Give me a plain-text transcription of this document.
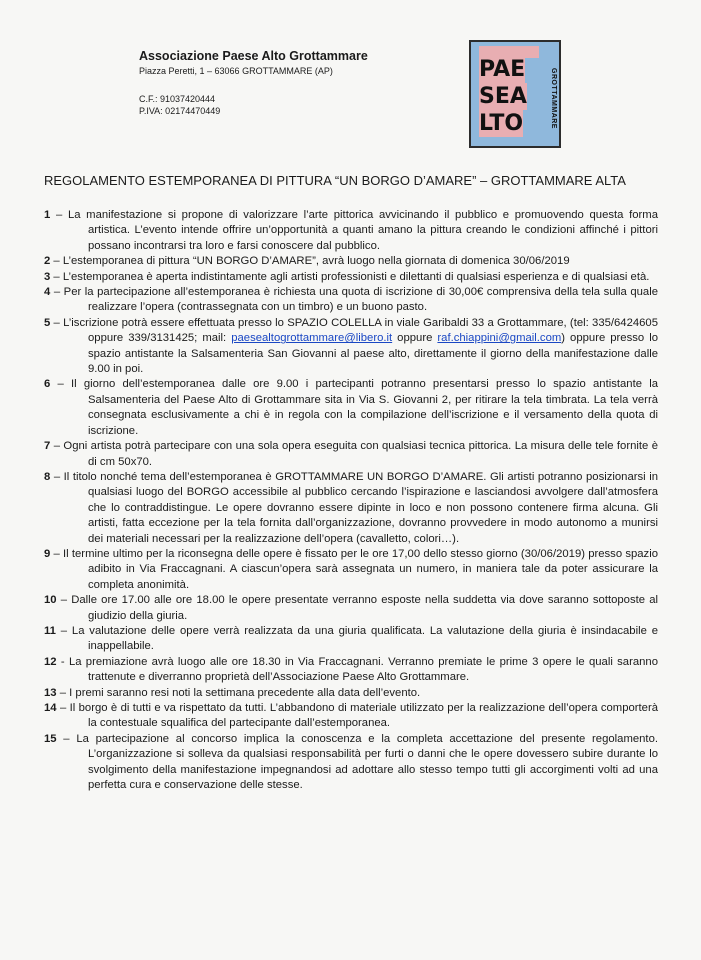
Associazione Paese Alto Grottammare

Piazza Peretti, 1 – 63066 GROTTAMMARE (AP)

C.F.: 91037420444

P.IVA: 02174470449

PAE
SEA
LTO	GROTTAMMARE

REGOLAMENTO ESTEMPORANEA DI PITTURA “UN BORGO D’AMARE” – GROTTAMMARE ALTA

1 – La manifestazione si propone di valorizzare l’arte pittorica avvicinando il pubblico e promuovendo questa forma artistica. L’evento intende offrire un’opportunità a quanti amano la pittura creando le condizioni affinché i pittori possano incontrarsi tra loro e farsi conoscere dal pubblico.

2 – L’estemporanea di pittura “UN BORGO D’AMARE”, avrà luogo nella giornata di domenica 30/06/2019

3 – L’estemporanea è aperta indistintamente agli artisti professionisti e dilettanti di qualsiasi esperienza e di qualsiasi età.

4 – Per la partecipazione all’estemporanea è richiesta una quota di iscrizione di 30,00€ comprensiva della tela sulla quale realizzare l’opera (contrassegnata con un timbro) e un buono pasto.

5 – L’iscrizione potrà essere effettuata presso lo SPAZIO COLELLA in viale Garibaldi 33 a Grottammare, (tel: 335/6424605 oppure 339/3131425; mail: paesealtogrottammare@libero.it oppure raf.chiappini@gmail.com) oppure presso lo spazio antistante la Salsamenteria San Giovanni al paese alto, direttamente il giorno della manifestazione dalle 9.00 in poi.

6 – Il giorno dell’estemporanea dalle ore 9.00 i partecipanti potranno presentarsi presso lo spazio antistante la Salsamenteria del Paese Alto di Grottammare sita in Via S. Giovanni 2, per ritirare la tela timbrata. La tela verrà consegnata esclusivamente a chi è in regola con la compilazione dell’iscrizione e il versamento della quota di iscrizione.

7 – Ogni artista potrà partecipare con una sola opera eseguita con qualsiasi tecnica pittorica. La misura delle tele fornite è di cm 50x70.

8 – Il titolo nonché tema dell’estemporanea è GROTTAMMARE UN BORGO D’AMARE. Gli artisti potranno posizionarsi in qualsiasi luogo del BORGO accessibile al pubblico cercando l’ispirazione e lasciandosi avvolgere dall’atmosfera che lo contraddistingue. Le opere dovranno essere dipinte in loco e non possono contenere firma alcuna. Gli artisti, fatta eccezione per la tela fornita dall’organizzazione, dovranno provvedere in modo autonomo a munirsi dei materiali necessari per la realizzazione dell’opera (cavalletto, colori…).

9 – Il termine ultimo per la riconsegna delle opere è fissato per le ore 17,00 dello stesso giorno (30/06/2019) presso spazio adibito in Via Fraccagnani. A ciascun’opera sarà assegnata un numero, in maniera tale da poter assicurare la completa anonimità.

10 – Dalle ore 17.00 alle ore 18.00 le opere presentate verranno esposte nella suddetta via dove saranno sottoposte al giudizio della giuria.

11 – La valutazione delle opere verrà realizzata da una giuria qualificata. La valutazione della giuria è insindacabile e inappellabile.

12 - La premiazione avrà luogo alle ore 18.30 in Via Fraccagnani. Verranno premiate le prime 3 opere le quali saranno trattenute e diverranno proprietà dell’Associazione Paese Alto Grottammare.

13 – I premi saranno resi noti la settimana precedente alla data dell’evento.

14 – Il borgo è di tutti e va rispettato da tutti. L’abbandono di materiale utilizzato per la realizzazione dell’opera comporterà la contestuale squalifica del partecipante dall’estemporanea.

15 – La partecipazione al concorso implica la conoscenza e la completa accettazione del presente regolamento. L’organizzazione si solleva da qualsiasi responsabilità per furti o danni che le opere dovessero subire durante lo svolgimento della manifestazione impegnandosi ad adottare allo stesso tempo tutti gli accorgimenti volti ad una perfetta cura e conservazione delle stesse.
